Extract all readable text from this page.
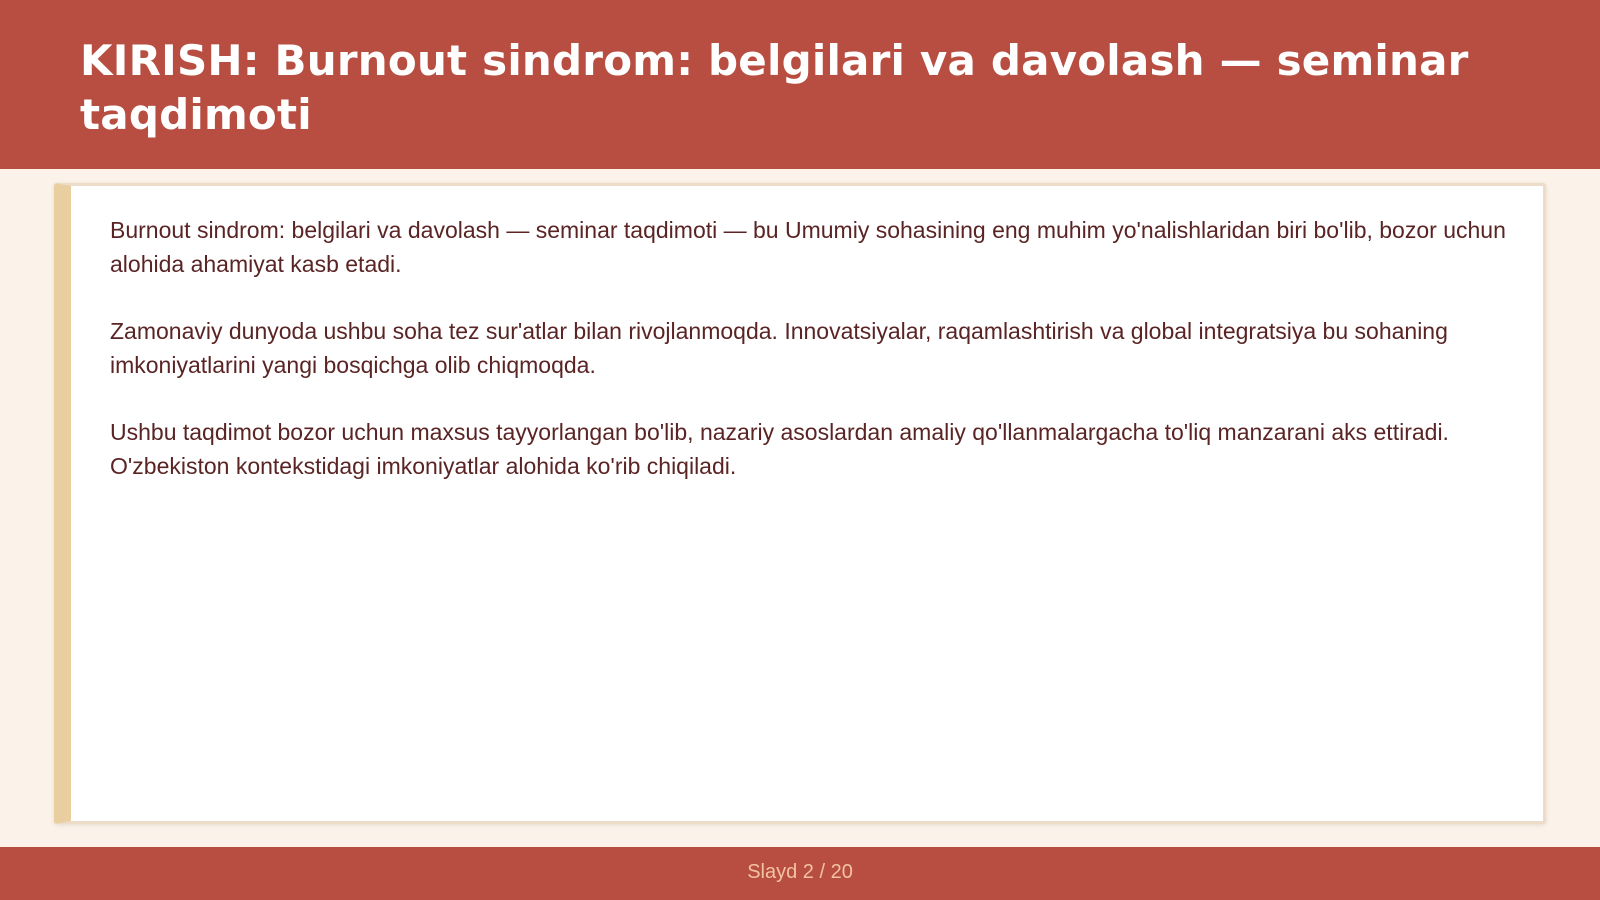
KIRISH: Burnout sindrom: belgilari va davolash — seminar taqdimoti

Burnout sindrom: belgilari va davolash — seminar taqdimoti — bu Umumiy sohasining eng muhim yo'nalishlaridan biri bo'lib, bozor uchun alohida ahamiyat kasb etadi.

Zamonaviy dunyoda ushbu soha tez sur'atlar bilan rivojlanmoqda. Innovatsiyalar, raqamlashtirish va global integratsiya bu sohaning imkoniyatlarini yangi bosqichga olib chiqmoqda.

Ushbu taqdimot bozor uchun maxsus tayyorlangan bo'lib, nazariy asoslardan amaliy qo'llanmalargacha to'liq manzarani aks ettiradi. O'zbekiston kontekstidagi imkoniyatlar alohida ko'rib chiqiladi.

Slayd 2 / 20
